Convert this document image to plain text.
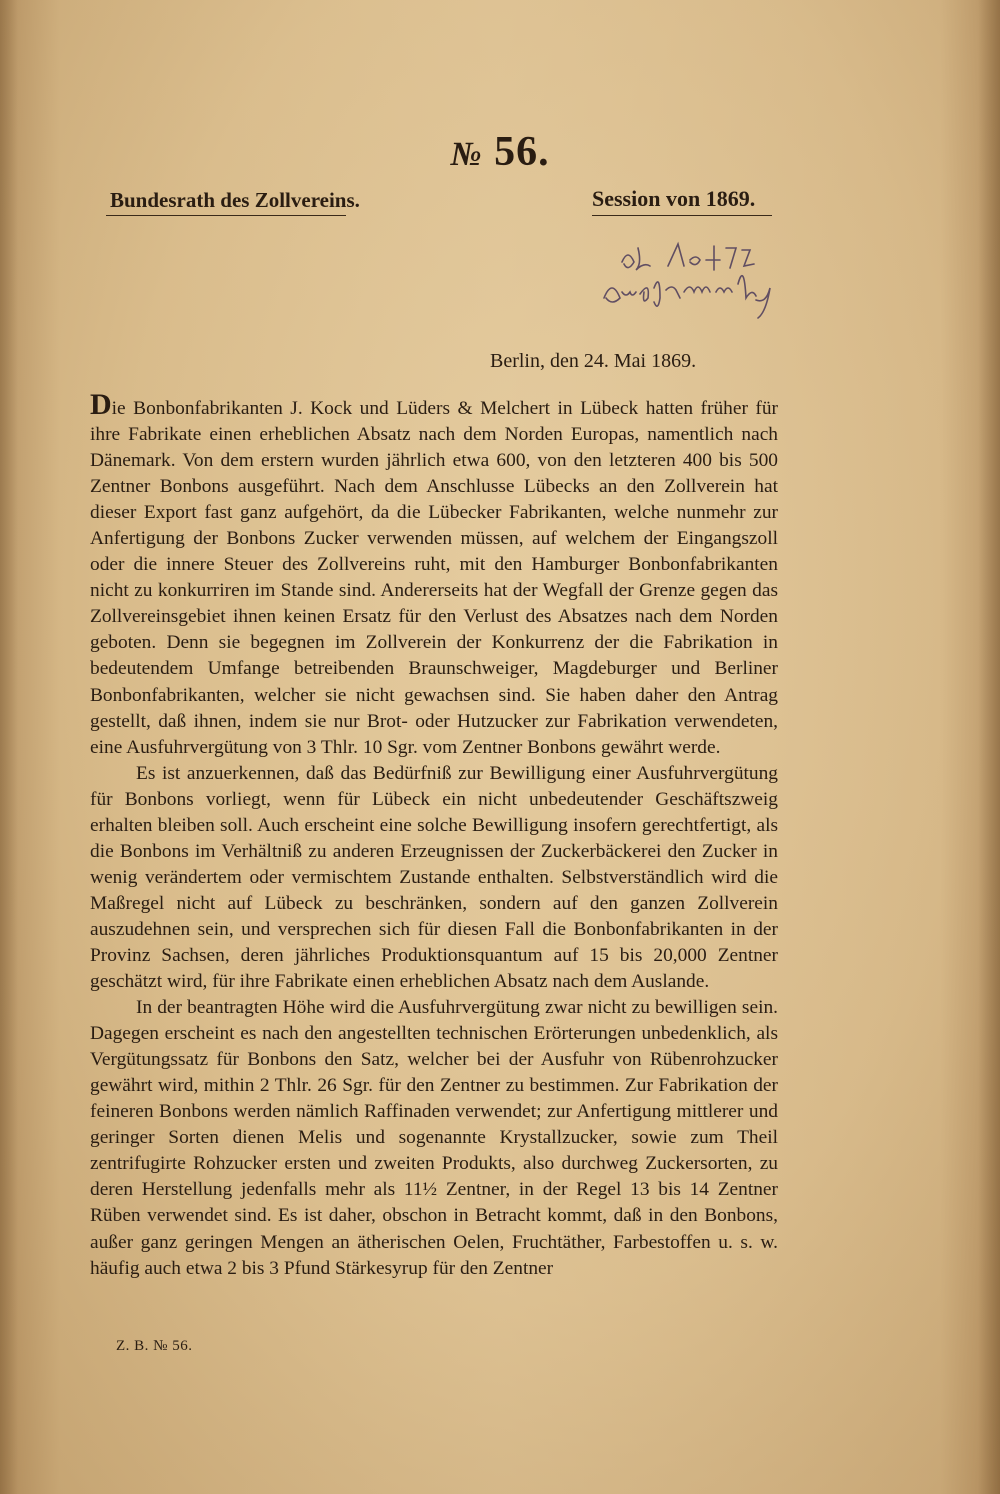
№ 56.
Bundesrath des Zollvereins.	Session von 1869.
Berlin, den 24. Mai 1869.

Die Bonbonfabrikanten J. Kock und Lüders & Melchert in Lübeck hatten früher für ihre Fabrikate einen erheblichen Absatz nach dem Norden Europas, namentlich nach Dänemark. Von dem erstern wurden jährlich etwa 600, von den letzteren 400 bis 500 Zentner Bonbons ausgeführt. Nach dem Anschlusse Lübecks an den Zollverein hat dieser Export fast ganz aufgehört, da die Lübecker Fabrikanten, welche nunmehr zur Anfertigung der Bonbons Zucker verwenden müssen, auf welchem der Eingangszoll oder die innere Steuer des Zollvereins ruht, mit den Hamburger Bonbonfabrikanten nicht zu konkurriren im Stande sind. Andererseits hat der Wegfall der Grenze gegen das Zollvereinsgebiet ihnen keinen Ersatz für den Verlust des Absatzes nach dem Norden geboten. Denn sie begegnen im Zollverein der Konkurrenz der die Fabrikation in bedeutendem Umfange betreibenden Braunschweiger, Magdeburger und Berliner Bonbonfabrikanten, welcher sie nicht gewachsen sind. Sie haben daher den Antrag gestellt, daß ihnen, indem sie nur Brot- oder Hutzucker zur Fabrikation verwendeten, eine Ausfuhrvergütung von 3 Thlr. 10 Sgr. vom Zentner Bonbons gewährt werde.

Es ist anzuerkennen, daß das Bedürfniß zur Bewilligung einer Ausfuhrvergütung für Bonbons vorliegt, wenn für Lübeck ein nicht unbedeutender Geschäftszweig erhalten bleiben soll. Auch erscheint eine solche Bewilligung insofern gerechtfertigt, als die Bonbons im Verhältniß zu anderen Erzeugnissen der Zuckerbäckerei den Zucker in wenig verändertem oder vermischtem Zustande enthalten. Selbstverständlich wird die Maßregel nicht auf Lübeck zu beschränken, sondern auf den ganzen Zollverein auszudehnen sein, und versprechen sich für diesen Fall die Bonbonfabrikanten in der Provinz Sachsen, deren jährliches Produktionsquantum auf 15 bis 20,000 Zentner geschätzt wird, für ihre Fabrikate einen erheblichen Absatz nach dem Auslande.

In der beantragten Höhe wird die Ausfuhrvergütung zwar nicht zu bewilligen sein. Dagegen erscheint es nach den angestellten technischen Erörterungen unbedenklich, als Vergütungssatz für Bonbons den Satz, welcher bei der Ausfuhr von Rübenrohzucker gewährt wird, mithin 2 Thlr. 26 Sgr. für den Zentner zu bestimmen. Zur Fabrikation der feineren Bonbons werden nämlich Raffinaden verwendet; zur Anfertigung mittlerer und geringer Sorten dienen Melis und sogenannte Krystallzucker, sowie zum Theil zentrifugirte Rohzucker ersten und zweiten Produkts, also durchweg Zuckersorten, zu deren Herstellung jedenfalls mehr als 11½ Zentner, in der Regel 13 bis 14 Zentner Rüben verwendet sind. Es ist daher, obschon in Betracht kommt, daß in den Bonbons, außer ganz geringen Mengen an ätherischen Oelen, Fruchtäther, Farbestoffen u. s. w. häufig auch etwa 2 bis 3 Pfund Stärkesyrup für den Zentner

Z. B. № 56.
